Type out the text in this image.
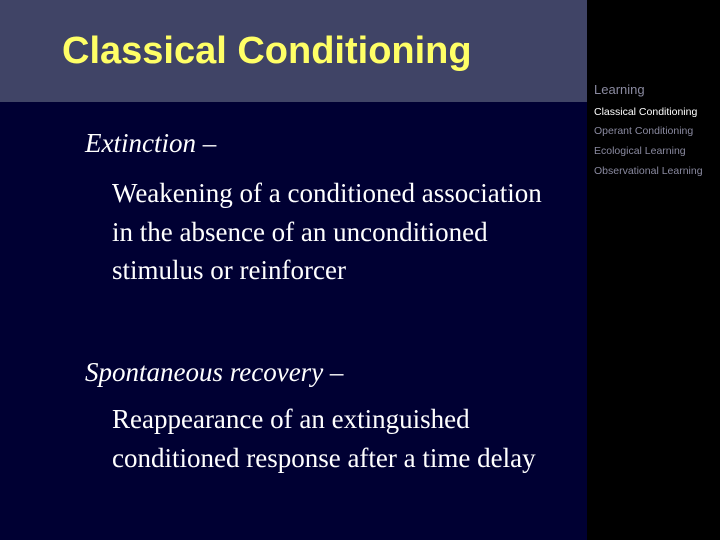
Classical Conditioning
Learning
Classical Conditioning
Operant Conditioning
Ecological Learning
Observational Learning
Extinction –
Weakening of a conditioned association in the absence of an unconditioned stimulus or reinforcer
Spontaneous recovery –
Reappearance of an extinguished conditioned response after a time delay
